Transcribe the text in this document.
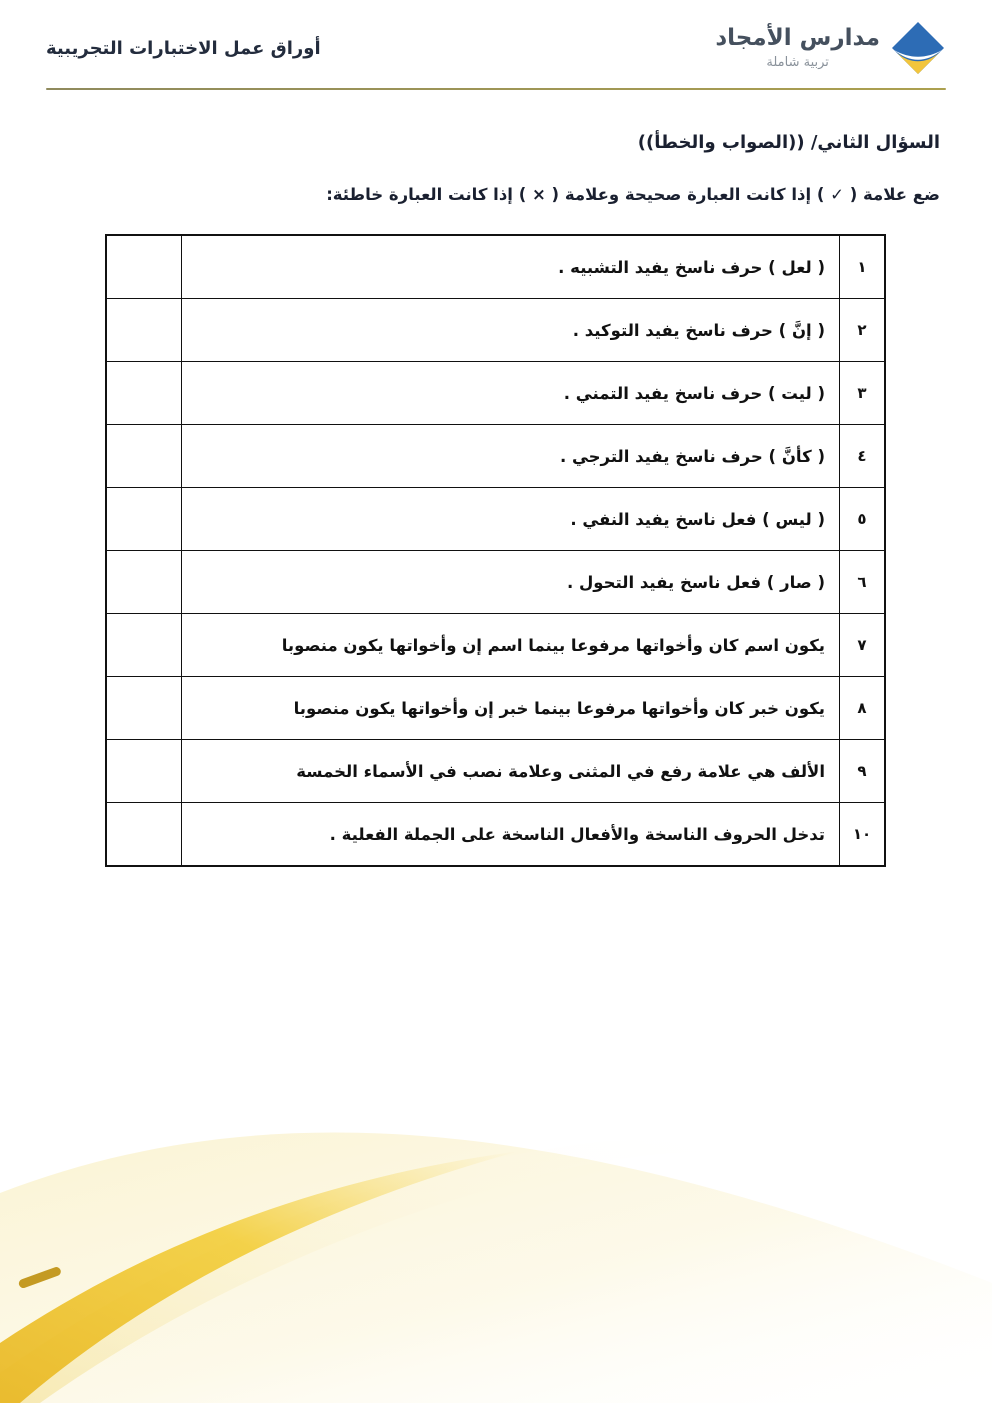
أوراق عمل الاختبارات التجريبية	مدارس الأمجاد
تربية شاملة
السؤال الثاني/ ((الصواب والخطأ))

ضع علامة ( ✓ ) إذا كانت العبارة صحيحة وعلامة ( × ) إذا كانت العبارة خاطئة:

١	( لعل ) حرف ناسخ يفيد التشبيه .	
٢	( إنَّ ) حرف ناسخ يفيد التوكيد .	
٣	( ليت ) حرف ناسخ يفيد التمني .	
٤	( كأنَّ ) حرف ناسخ يفيد الترجي .	
٥	( ليس ) فعل ناسخ يفيد النفي .	
٦	( صار ) فعل ناسخ يفيد التحول .	
٧	يكون اسم كان وأخواتها مرفوعا بينما اسم إن وأخواتها يكون منصوبا	
٨	يكون خبر كان وأخواتها مرفوعا بينما خبر إن وأخواتها يكون منصوبا	
٩	الألف هي علامة رفع في المثنى وعلامة نصب في الأسماء الخمسة	
١٠	تدخل الحروف الناسخة والأفعال الناسخة على الجملة الفعلية .	
